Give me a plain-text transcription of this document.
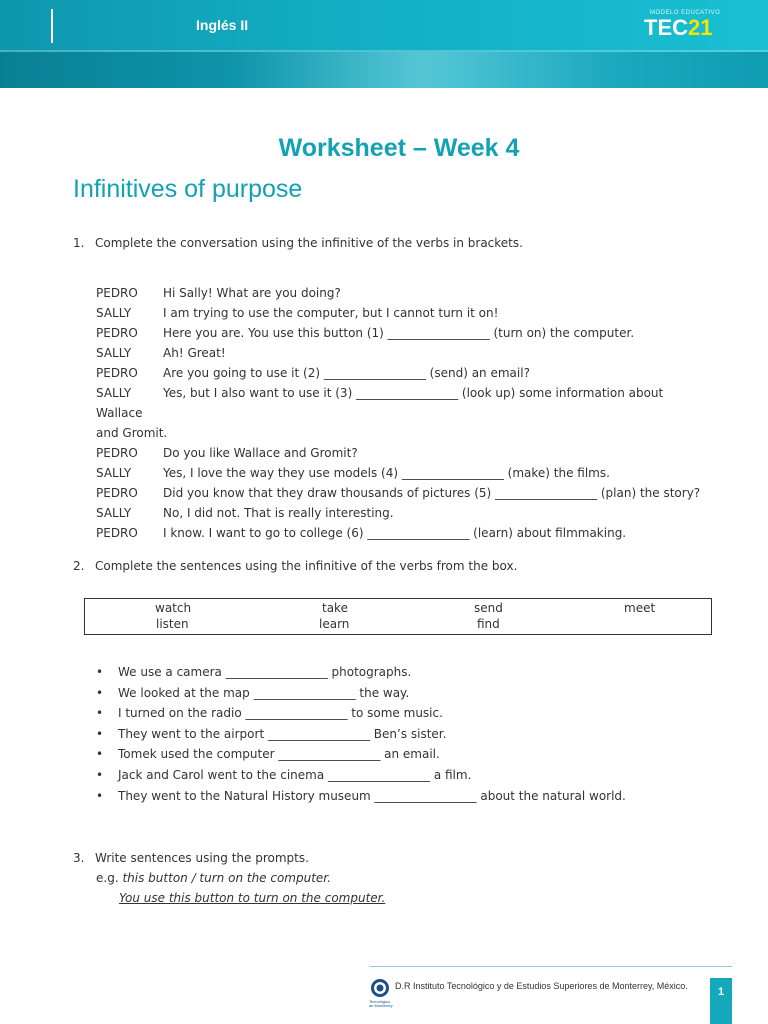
Inglés II
MODELO EDUCATIVO
TEC21
Worksheet – Week 4
Infinitives of purpose
1. Complete the conversation using the infinitive of the verbs in brackets.
PEDRO Hi Sally! What are you doing?
SALLY	I am trying to use the computer, but I cannot turn it on!
PEDRO Here you are. You use this button (1) _________________ (turn on) the computer.
SALLY	Ah! Great!
PEDRO Are you going to use it (2) _________________ (send) an email?
SALLY	Yes, but I also want to use it (3) _________________ (look up) some information about Wallace
and Gromit.
PEDRO Do you like Wallace and Gromit?
SALLY	Yes, I love the way they use models (4) _________________ (make) the films.
PEDRO Did you know that they draw thousands of pictures (5) _________________ (plan) the story?
SALLY	No, I did not. That is really interesting.
PEDRO I know. I want to go to college (6) _________________ (learn) about filmmaking.
2. Complete the sentences using the infinitive of the verbs from the box.
watch	take	send	meet
listen	learn	find
• We use a camera _________________ photographs.
• We looked at the map _________________ the way.
• I turned on the radio _________________ to some music.
• They went to the airport _________________ Ben’s sister.
• Tomek used the computer _________________ an email.
• Jack and Carol went to the cinema _________________ a film.
• They went to the Natural History museum _________________ about the natural world.
3. Write sentences using the prompts.
e.g. this button / turn on the computer.
You use this button to turn on the computer.
Tecnológico de Monterrey
D.R Instituto Tecnológico y de Estudios Superiores de Monterrey, México.	1
